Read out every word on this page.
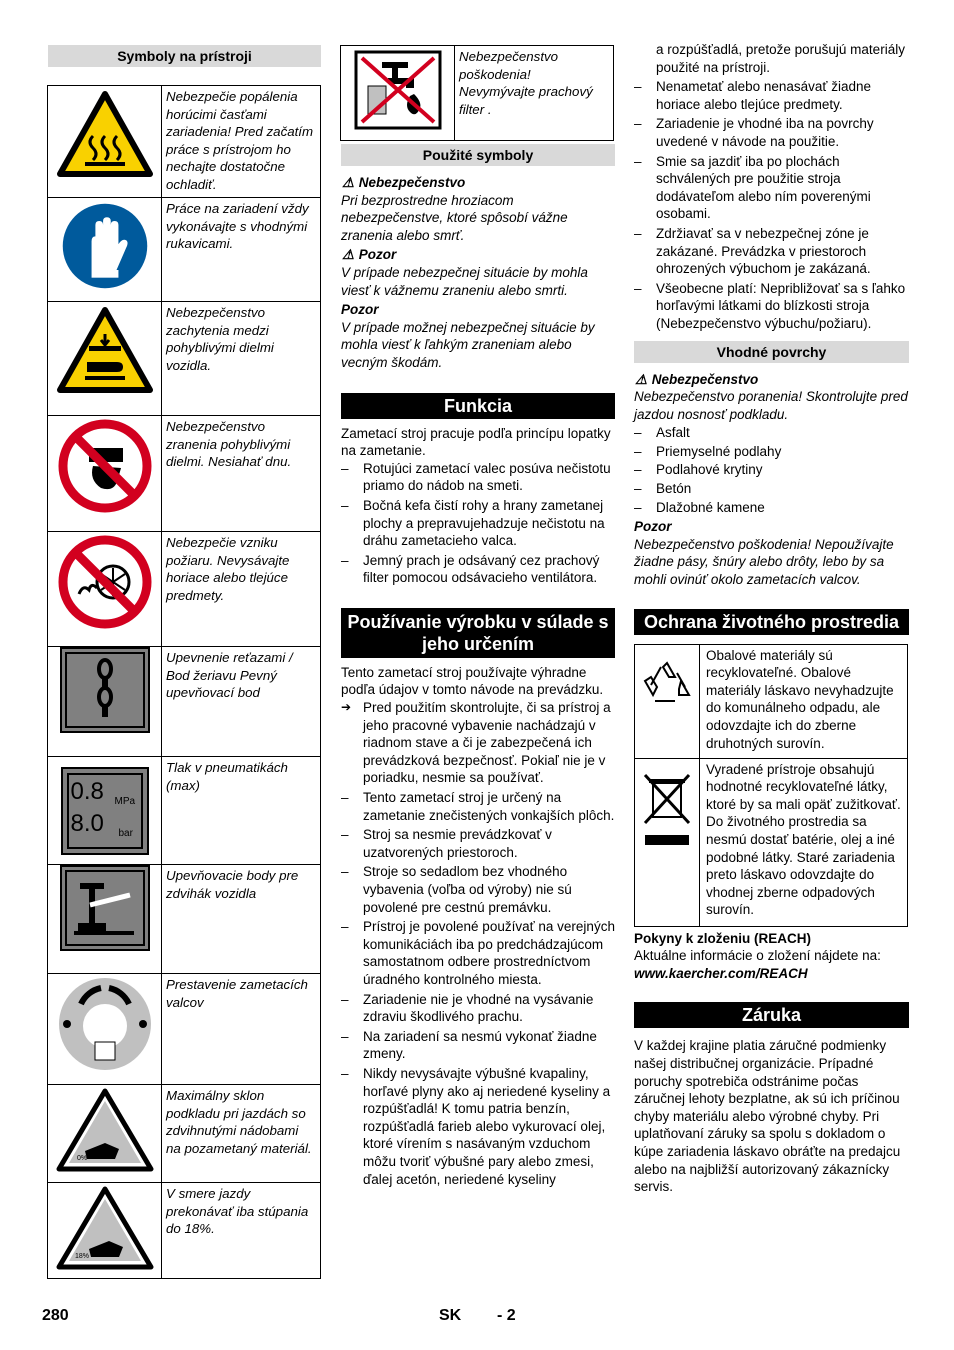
Symboly na prístroji
	Nebezpečie popálenia horúcimi časťami zariadenia! Pred začatím práce s prístrojom ho nechajte dostatočne ochladiť.
	Práce na zariadení vždy vykonávajte s vhodnými rukavicami.
	Nebezpečenstvo zachytenia medzi pohyblivými dielmi vozidla.
	Nebezpečenstvo zranenia pohyblivými dielmi. Nesiahať dnu.
	Nebezpečie vzniku požiaru. Nevysávajte horiace alebo tlejúce predmety.
	Upevnenie reťazami / Bod žeriavu Pevný upevňovací bod

0.8 MPa
8.0 bar	Tlak v pneumatikách (max)
	Upevňovacie body pre zdvihák vozidla
	Prestavenie zametacích valcov

0%	Maximálny sklon podkladu pri jazdách so zdvihnutými nádobami na pozametaný materiál.

18%	V smere jazdy prekonávať iba stúpania do 18%.
	Nebezpečenstvo poškodenia! Nevymývajte prachový filter .
Použité symboly
⚠ Nebezpečenstvo

Pri bezprostredne hroziacom nebezpečenstve, ktoré spôsobí vážne zranenia alebo smrť.

⚠ Pozor

V prípade nebezpečnej situácie by mohla viesť k vážnemu zraneniu alebo smrti.

Pozor

V prípade možnej nebezpečnej situácie by mohla viesť k ľahkým zraneniam alebo vecným škodám.

Funkcia

Zametací stroj pracuje podľa princípu lopatky na zametanie.

– Rotujúci zametací valec posúva nečistotu priamo do nádob na smeti.
– Bočná kefa čistí rohy a hrany zametanej plochy a prepravujehadzuje nečistotu na dráhu zametacieho valca.
– Jemný prach je odsávaný cez prachový filter pomocou odsávacieho ventilátora.
Používanie výrobku v súlade s jeho určením

Tento zametací stroj používajte výhradne podľa údajov v tomto návode na prevádzku.

➔ Pred použitím skontrolujte, či sa prístroj a jeho pracovné vybavenie nachádzajú v riadnom stave a či je zabezpečená ich prevádzková bezpečnosť. Pokiaľ nie je v poriadku, nesmie sa používať.
– Tento zametací stroj je určený na zametanie znečistených vonkajších plôch.
– Stroj sa nesmie prevádzkovať v uzatvorených priestoroch.
– Stroje so sedadlom bez vhodného vybavenia (voľba od výroby) nie sú povolené pre cestnú premávku.
– Prístroj je povolené používať na verejných komunikáciách iba po predchádzajúcom samostatnom odbere prostredníctvom úradného kontrolného miesta.
– Zariadenie nie je vhodné na vysávanie zdraviu škodlivého prachu.
– Na zariadení sa nesmú vykonať žiadne zmeny.
– Nikdy nevysávajte výbušné kvapaliny, horľavé plyny ako aj neriedené kyseliny a rozpúšťadlá! K tomu patria benzín, rozpúšťadlá farieb alebo vykurovací olej, ktoré vírením s nasávaným vzduchom môžu tvoriť výbušné pary alebo zmesi, ďalej acetón, neriedené kyseliny

a rozpúšťadlá, pretože porušujú materiály použité na prístroji.

– Nenametať alebo nenasávať žiadne horiace alebo tlejúce predmety.
– Zariadenie je vhodné iba na povrchy uvedené v návode na použitie.
– Smie sa jazdiť iba po plochách schválených pre použitie stroja dodávateľom alebo ním poverenými osobami.
– Zdržiavať sa v nebezpečnej zóne je zakázané. Prevádzka v priestoroch ohrozených výbuchom je zakázaná.
– Všeobecne platí: Nepribližovať sa s ľahko horľavými látkami do blízkosti stroja (Nebezpečenstvo výbuchu/požiaru).
Vhodné povrchy
⚠ Nebezpečenstvo

Nebezpečenstvo poranenia! Skontrolujte pred jazdou nosnosť podkladu.

– Asfalt
– Priemyselné podlahy
– Podlahové krytiny
– Betón
– Dlažobné kamene
Pozor

Nebezpečenstvo poškodenia! Nepoužívajte žiadne pásy, šnúry alebo drôty, lebo by sa mohli ovinúť okolo zametacích valcov.

Ochrana životného prostredia
	Obalové materiály sú recyklovateľné. Obalové materiály láskavo nevyhadzujte do komunálneho odpadu, ale odovzdajte ich do zberne druhotných surovín.
	Vyradené prístroje obsahujú hodnotné recyklovateľné látky, ktoré by sa mali opäť zužitkovať. Do životného prostredia sa nesmú dostať batérie, olej a iné podobné látky. Staré zariadenia preto láskavo odovzdajte do vhodnej zberne odpadových surovín.
Pokyny k zloženiu (REACH)

Aktuálne informácie o zložení nájdete na:

www.kaercher.com/REACH

Záruka

V každej krajine platia záručné podmienky našej distribučnej organizácie. Prípadné poruchy spotrebiča odstránime počas záručnej lehoty bezplatne, ak sú ich príčinou chyby materiálu alebo výrobné chyby. Pri uplatňovaní záruky sa spolu s dokladom o kúpe zariadenia láskavo obráťte na predajcu alebo na najbližší autorizovaný zákaznícky servis.

280	SK - 2
